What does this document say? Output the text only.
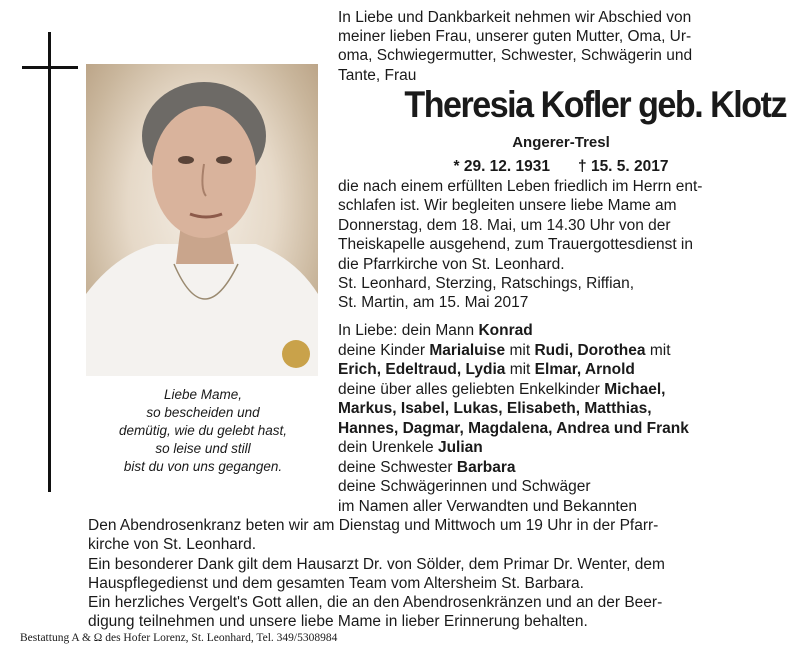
Liebe Mame,
so bescheiden und
demütig, wie du gelebt hast,
so leise und still
bist du von uns gegangen.
In Liebe und Dankbarkeit nehmen wir Abschied von
meiner lieben Frau, unserer guten Mutter, Oma, Ur-
oma, Schwiegermutter, Schwester, Schwägerin und
Tante, Frau
Theresia Kofler geb. Klotz
Angerer-Tresl
* 29. 12. 1931 † 15. 5. 2017
die nach einem erfüllten Leben friedlich im Herrn ent-
schlafen ist. Wir begleiten unsere liebe Mame am
Donnerstag, dem 18. Mai, um 14.30 Uhr von der
Theiskapelle ausgehend, zum Trauergottesdienst in
die Pfarrkirche von St. Leonhard.
St. Leonhard, Sterzing, Ratschings, Riffian,
St. Martin, am 15. Mai 2017
In Liebe: dein Mann Konrad
deine Kinder Marialuise mit Rudi, Dorothea mit
Erich, Edeltraud, Lydia mit Elmar, Arnold
deine über alles geliebten Enkelkinder Michael,
Markus, Isabel, Lukas, Elisabeth, Matthias,
Hannes, Dagmar, Magdalena, Andrea und Frank
dein Urenkele Julian
deine Schwester Barbara
deine Schwägerinnen und Schwäger
im Namen aller Verwandten und Bekannten
Den Abendrosenkranz beten wir am Dienstag und Mittwoch um 19 Uhr in der Pfarr-
kirche von St. Leonhard.
Ein besonderer Dank gilt dem Hausarzt Dr. von Sölder, dem Primar Dr. Wenter, dem
Hauspflegedienst und dem gesamten Team vom Altersheim St. Barbara.
Ein herzliches Vergelt's Gott allen, die an den Abendrosenkränzen und an der Beer-
digung teilnehmen und unsere liebe Mame in lieber Erinnerung behalten.
Bestattung A & Ω des Hofer Lorenz, St. Leonhard, Tel. 349/5308984
